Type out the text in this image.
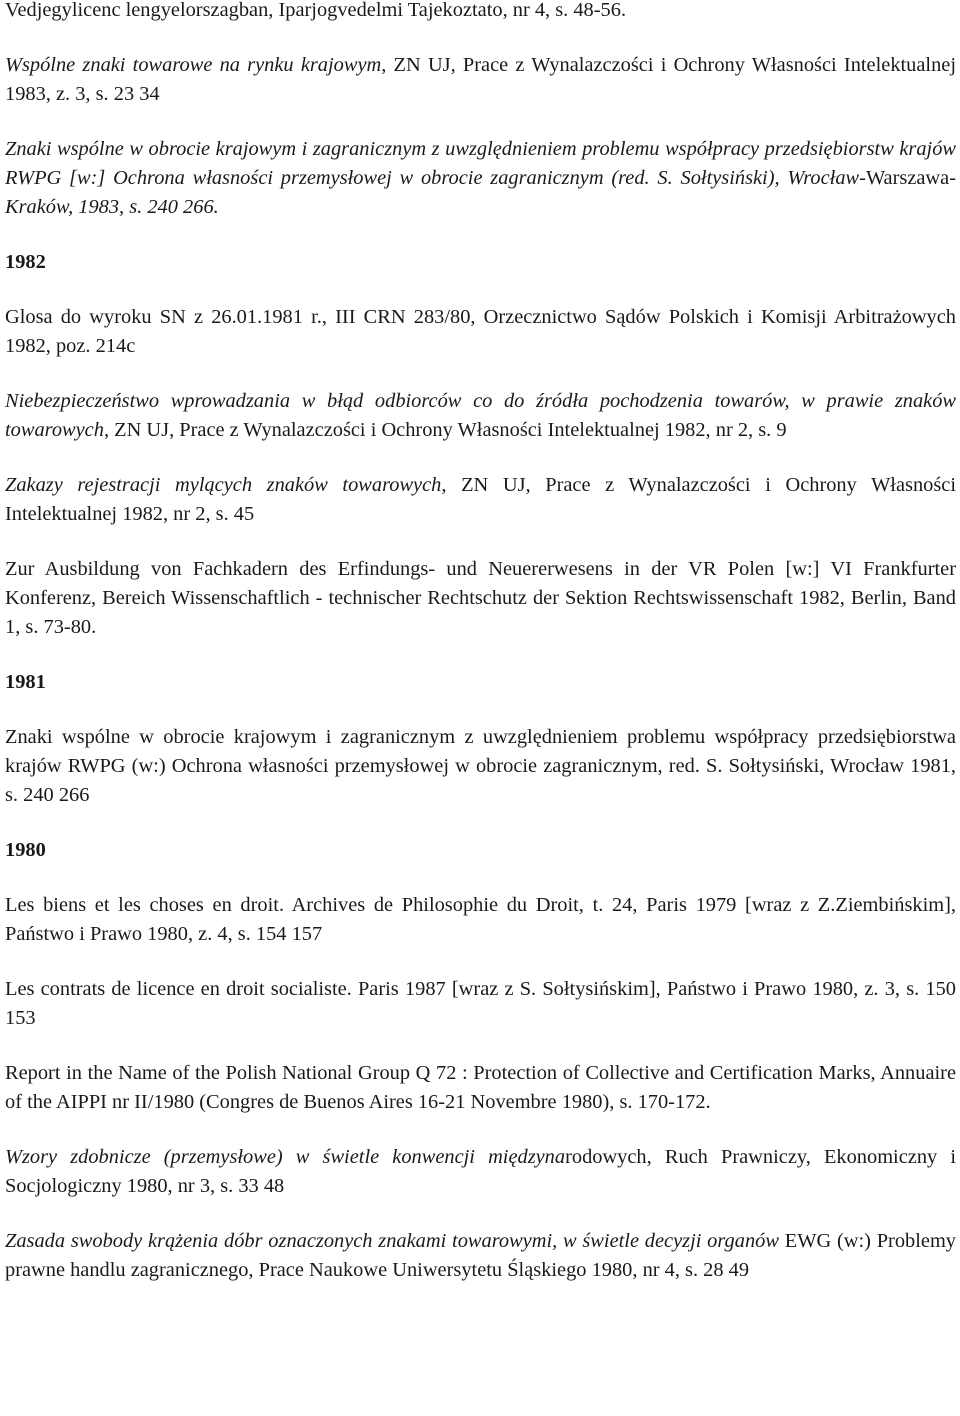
Vedjegylicenc lengyelorszagban, Iparjogvedelmi Tajekoztato, nr 4, s. 48-56.

Wspólne znaki towarowe na rynku krajowym, ZN UJ, Prace z Wynalazczości i Ochrony Własności Intelektualnej 1983, z. 3, s. 23 34

Znaki wspólne w obrocie krajowym i zagranicznym z uwzględnieniem problemu współpracy przedsiębiorstw krajów RWPG [w:] Ochrona własności przemysłowej w obrocie zagranicznym (red. S. Sołtysiński), Wrocław-Warszawa-Kraków, 1983, s. 240 266.

1982

Glosa do wyroku SN z 26.01.1981 r., III CRN 283/80, Orzecznictwo Sądów Polskich i Komisji Arbitrażowych 1982, poz. 214c

Niebezpieczeństwo wprowadzania w błąd odbiorców co do źródła pochodzenia towarów, w prawie znaków towarowych, ZN UJ, Prace z Wynalazczości i Ochrony Własności Intelektualnej 1982, nr 2, s. 9

Zakazy rejestracji mylących znaków towarowych, ZN UJ, Prace z Wynalazczości i Ochrony Własności Intelektualnej 1982, nr 2, s. 45

Zur Ausbildung von Fachkadern des Erfindungs- und Neuererwesens in der VR Polen [w:] VI Frankfurter Konferenz, Bereich Wissenschaftlich - technischer Rechtschutz der Sektion Rechtswissenschaft 1982, Berlin, Band 1, s. 73-80.

1981

Znaki wspólne w obrocie krajowym i zagranicznym z uwzględnieniem problemu współpracy przedsiębiorstwa krajów RWPG (w:) Ochrona własności przemysłowej w obrocie zagranicznym, red. S. Sołtysiński, Wrocław 1981, s. 240 266

1980

Les biens et les choses en droit. Archives de Philosophie du Droit, t. 24, Paris 1979 [wraz z Z.Ziembińskim], Państwo i Prawo 1980, z. 4, s. 154 157

Les contrats de licence en droit socialiste. Paris 1987 [wraz z S. Sołtysińskim], Państwo i Prawo 1980, z. 3, s. 150 153

Report in the Name of the Polish National Group Q 72 : Protection of Collective and Certification Marks, Annuaire of the AIPPI nr II/1980 (Congres de Buenos Aires 16-21 Novembre 1980), s. 170-172.

Wzory zdobnicze (przemysłowe) w świetle konwencji międzynarodowych, Ruch Prawniczy, Ekonomiczny i Socjologiczny 1980, nr 3, s. 33 48

Zasada swobody krążenia dóbr oznaczonych znakami towarowymi, w świetle decyzji organów EWG (w:) Problemy prawne handlu zagranicznego, Prace Naukowe Uniwersytetu Śląskiego 1980, nr 4, s. 28 49
